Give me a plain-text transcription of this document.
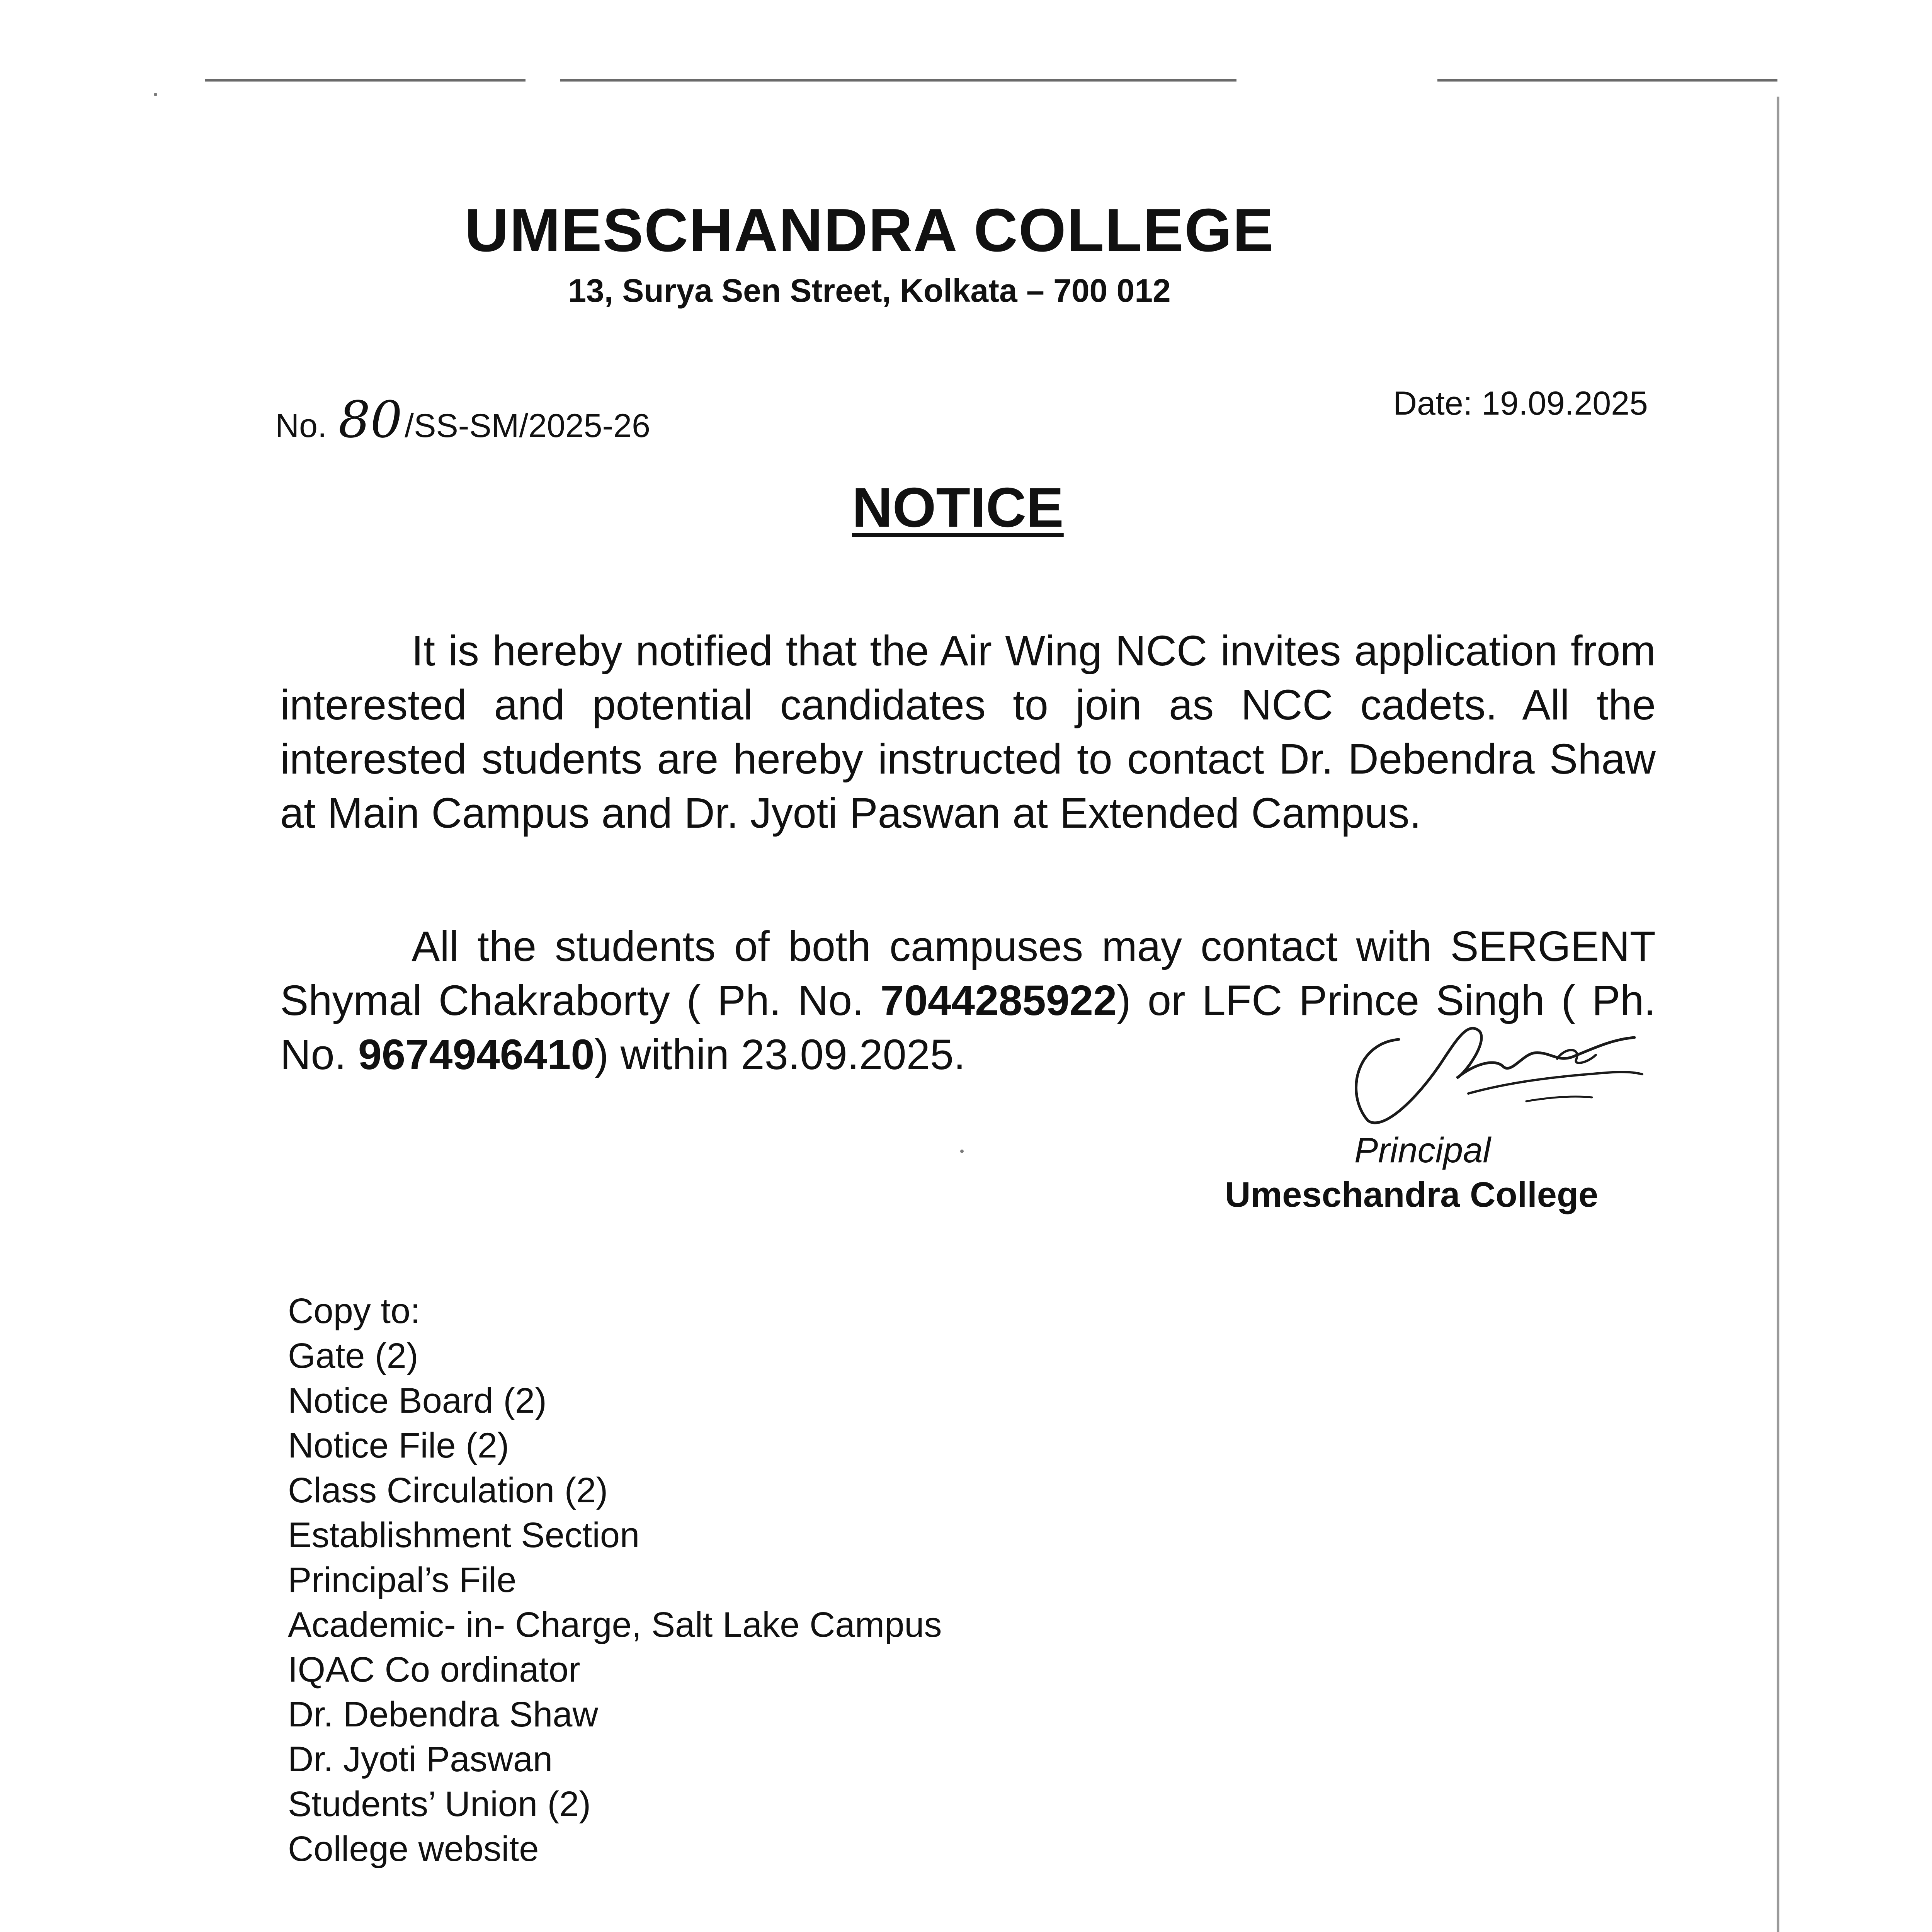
UMESCHANDRA COLLEGE
13, Surya Sen Street, Kolkata – 700 012
No. 80/SS-SM/2025-26
Date: 19.09.2025
NOTICE

It is hereby notified that the Air Wing NCC invites application from interested and potential candidates to join as NCC cadets. All the interested students are hereby instructed to contact Dr. Debendra Shaw at Main Campus and Dr. Jyoti Paswan at Extended Campus.

All the students of both campuses may contact with SERGENT Shymal Chakraborty ( Ph. No. 7044285922) or LFC Prince Singh ( Ph. No. 9674946410) within 23.09.2025.

Principal
Umeschandra College
Copy to:
Gate (2)
Notice Board (2)
Notice File (2)
Class Circulation (2)
Establishment Section
Principal’s File
Academic- in- Charge, Salt Lake Campus
IQAC Co ordinator
Dr. Debendra Shaw
Dr. Jyoti Paswan
Students’ Union (2)
College website
